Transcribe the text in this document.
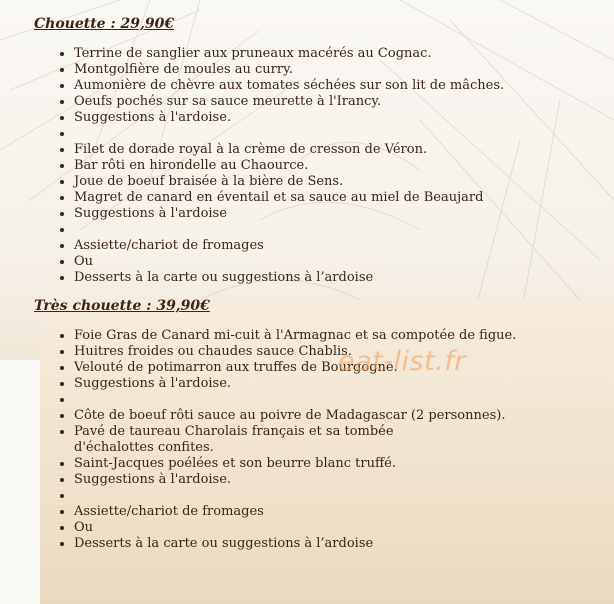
Chouette : 29,90€

• Terrine de sanglier aux pruneaux macérés au Cognac.
• Montgolfière de moules au curry.
• Aumonière de chèvre aux tomates séchées sur son lit de mâches.
• Oeufs pochés sur sa sauce meurette à l'Irancy.
• Suggestions à l'ardoise.
•
• Filet de dorade royal à la crème de cresson de Véron.
• Bar rôti en hirondelle au Chaource.
• Joue de boeuf braisée à la bière de Sens.
• Magret de canard en éventail et sa sauce au miel de Beaujard
• Suggestions à l'ardoise
•
• Assiette/chariot de fromages
• Ou
• Desserts à la carte ou suggestions à l’ardoise

Très chouette : 39,90€

• Foie Gras de Canard mi-cuit à l'Armagnac et sa compotée de figue.
• Huitres froides ou chaudes sauce Chablis.
• Velouté de potimarron aux truffes de Bourgogne.
• Suggestions à l'ardoise.
•
• Côte de boeuf rôti sauce au poivre de Madagascar (2 personnes).
• Pavé de taureau Charolais français et sa tombée d'échalottes confites.
• Saint-Jacques poélées et son beurre blanc truffé.
• Suggestions à l'ardoise.
•
• Assiette/chariot de fromages
• Ou
• Desserts à la carte ou suggestions à l’ardoise
eat-list.fr
